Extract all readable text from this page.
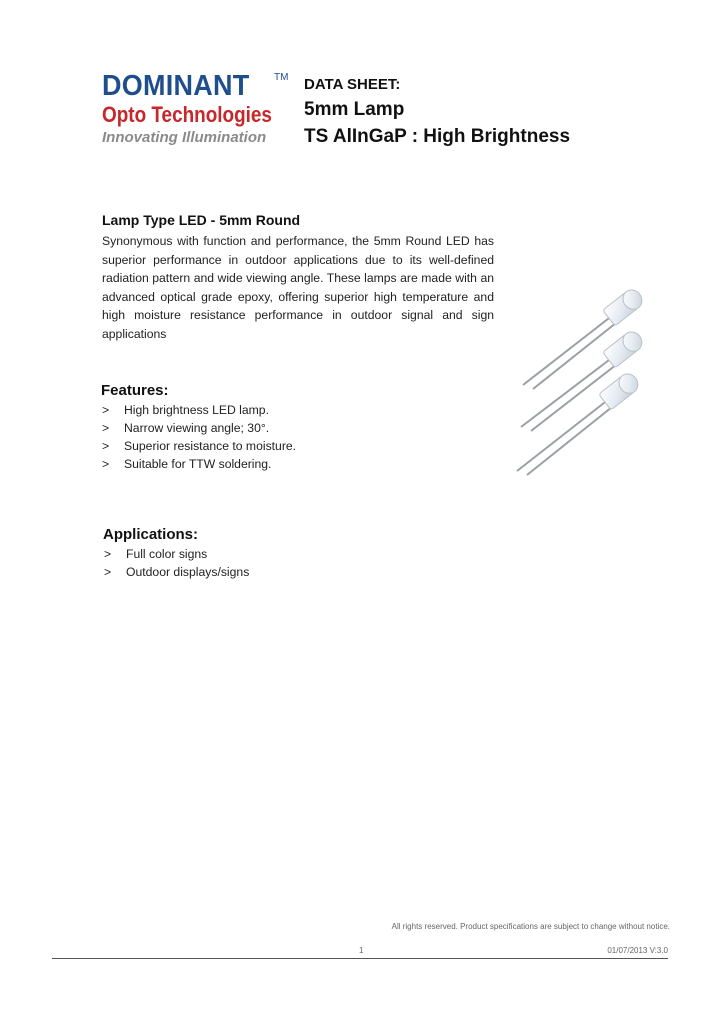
DOMINANT TM
Opto Technologies
Innovating Illumination
DATA SHEET:
5mm Lamp
TS AlInGaP : High Brightness
Lamp Type LED - 5mm Round
Synonymous with function and performance, the 5mm Round LED has superior performance in outdoor applications due to its well-defined radiation pattern and wide viewing angle. These lamps are made with an advanced optical grade epoxy, offering superior high temperature and high moisture resistance performance in outdoor signal and sign applications
Features:
>	High brightness LED lamp.
>	Narrow viewing angle; 30°.
>	Superior resistance to moisture.
>	Suitable for TTW soldering.
Applications:
>	Full color signs
>	Outdoor displays/signs
All rights reserved. Product specifications are subject to change without notice.
1	01/07/2013 V:3.0
